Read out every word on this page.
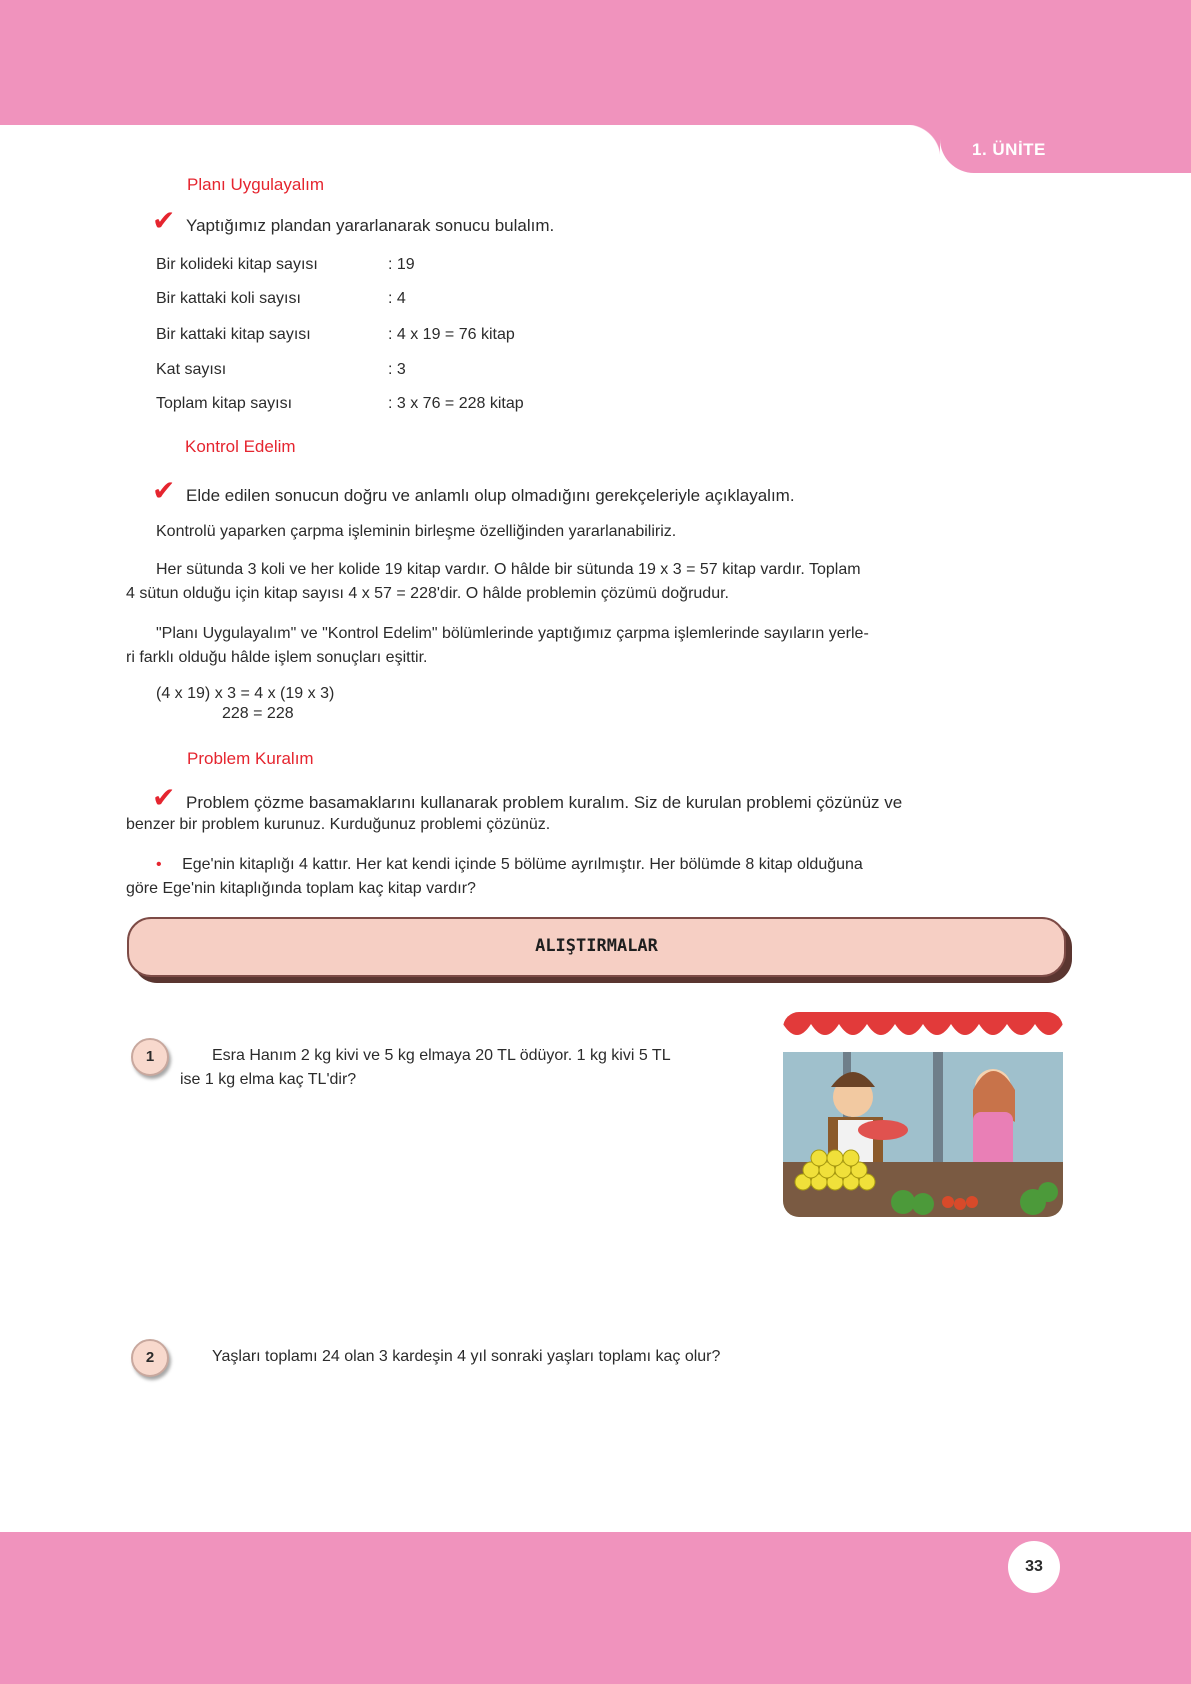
1. ÜNİTE
Planı Uygulayalım
✔ Yaptığımız plandan yararlanarak sonucu bulalım.
Bir kolideki kitap sayısı	: 19
Bir kattaki koli sayısı	: 4
Bir kattaki kitap sayısı	: 4 x 19 = 76 kitap
Kat sayısı	: 3
Toplam kitap sayısı	: 3 x 76 = 228 kitap
Kontrol Edelim
✔ Elde edilen sonucun doğru ve anlamlı olup olmadığını gerekçeleriyle açıklayalım.
Kontrolü yaparken çarpma işleminin birleşme özelliğinden yararlanabiliriz.
Her sütunda 3 koli ve her kolide 19 kitap vardır. O hâlde bir sütunda 19 x 3 = 57 kitap vardır. Toplam
4 sütun olduğu için kitap sayısı 4 x 57 = 228'dir. O hâlde problemin çözümü doğrudur.
"Planı Uygulayalım" ve "Kontrol Edelim" bölümlerinde yaptığımız çarpma işlemlerinde sayıların yerle-
ri farklı olduğu hâlde işlem sonuçları eşittir.
(4 x 19) x 3 = 4 x (19 x 3)
228 = 228
Problem Kuralım
✔ Problem çözme basamaklarını kullanarak problem kuralım. Siz de kurulan problemi çözünüz ve
benzer bir problem kurunuz. Kurduğunuz problemi çözünüz.
• Ege'nin kitaplığı 4 kattır. Her kat kendi içinde 5 bölüme ayrılmıştır. Her bölümde 8 kitap olduğuna
göre Ege'nin kitaplığında toplam kaç kitap vardır?
ALIŞTIRMALAR
1	Esra Hanım 2 kg kivi ve 5 kg elmaya 20 TL ödüyor. 1 kg kivi 5 TL
ise 1 kg elma kaç TL'dir?
2	Yaşları toplamı 24 olan 3 kardeşin 4 yıl sonraki yaşları toplamı kaç olur?
33
